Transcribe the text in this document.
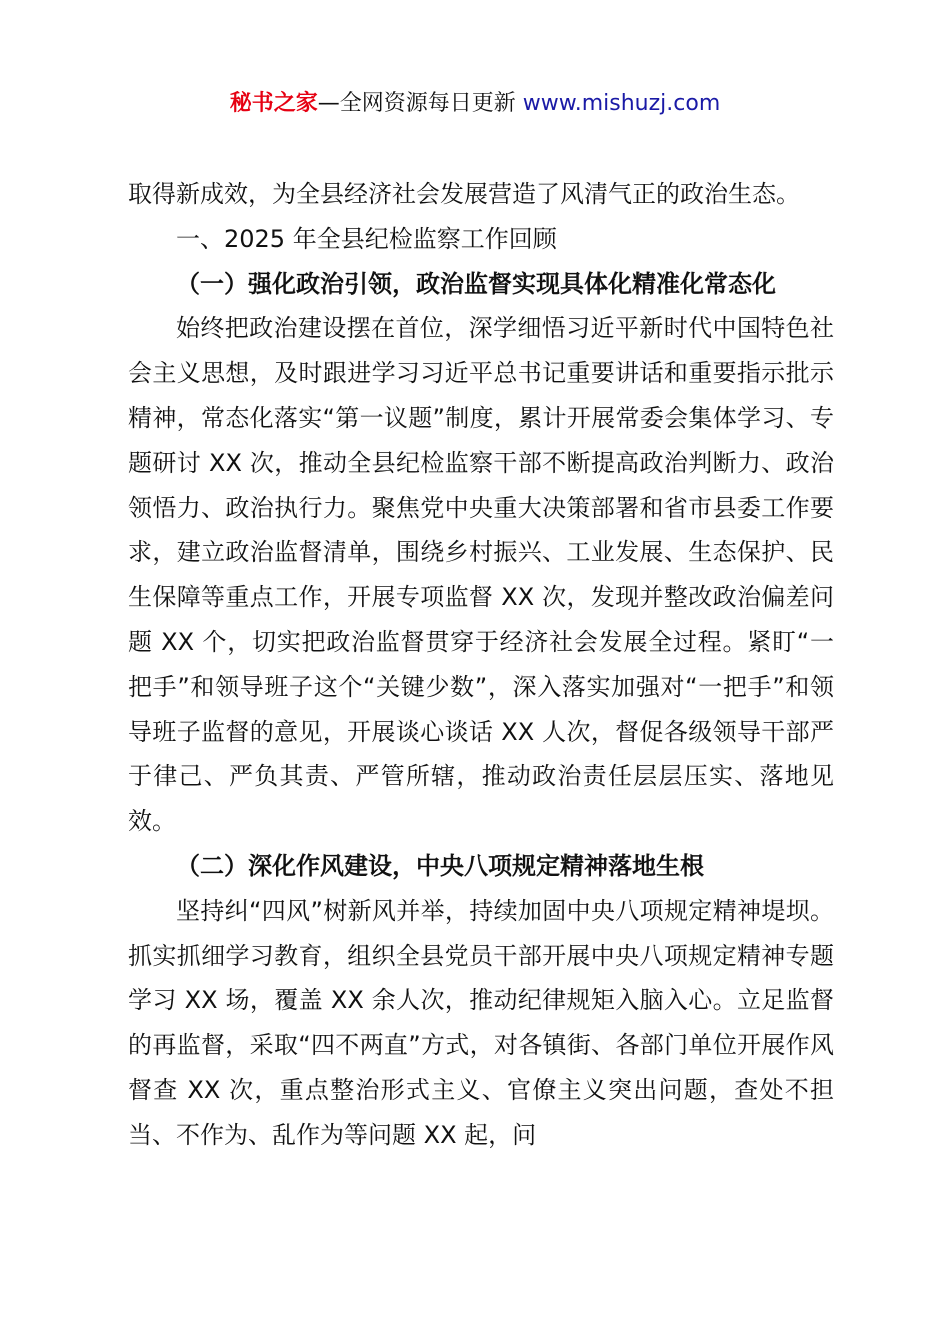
秘书之家—全网资源每日更新 www.mishuzj.com

取得新成效，为全县经济社会发展营造了风清气正的政治生态。

一、2025 年全县纪检监察工作回顾

（一）强化政治引领，政治监督实现具体化精准化常态化

始终把政治建设摆在首位，深学细悟习近平新时代中国特色社会主义思想，及时跟进学习习近平总书记重要讲话和重要指示批示精神，常态化落实“第一议题”制度，累计开展常委会集体学习、专题研讨 XX 次，推动全县纪检监察干部不断提高政治判断力、政治领悟力、政治执行力。聚焦党中央重大决策部署和省市县委工作要求，建立政治监督清单，围绕乡村振兴、工业发展、生态保护、民生保障等重点工作，开展专项监督 XX 次，发现并整改政治偏差问题 XX 个，切实把政治监督贯穿于经济社会发展全过程。紧盯“一把手”和领导班子这个“关键少数”，深入落实加强对“一把手”和领导班子监督的意见，开展谈心谈话 XX 人次，督促各级领导干部严于律己、严负其责、严管所辖，推动政治责任层层压实、落地见效。

（二）深化作风建设，中央八项规定精神落地生根

坚持纠“四风”树新风并举，持续加固中央八项规定精神堤坝。抓实抓细学习教育，组织全县党员干部开展中央八项规定精神专题学习 XX 场，覆盖 XX 余人次，推动纪律规矩入脑入心。立足监督的再监督，采取“四不两直”方式，对各镇街、各部门单位开展作风督查 XX 次，重点整治形式主义、官僚主义突出问题，查处不担当、不作为、乱作为等问题 XX 起，问
